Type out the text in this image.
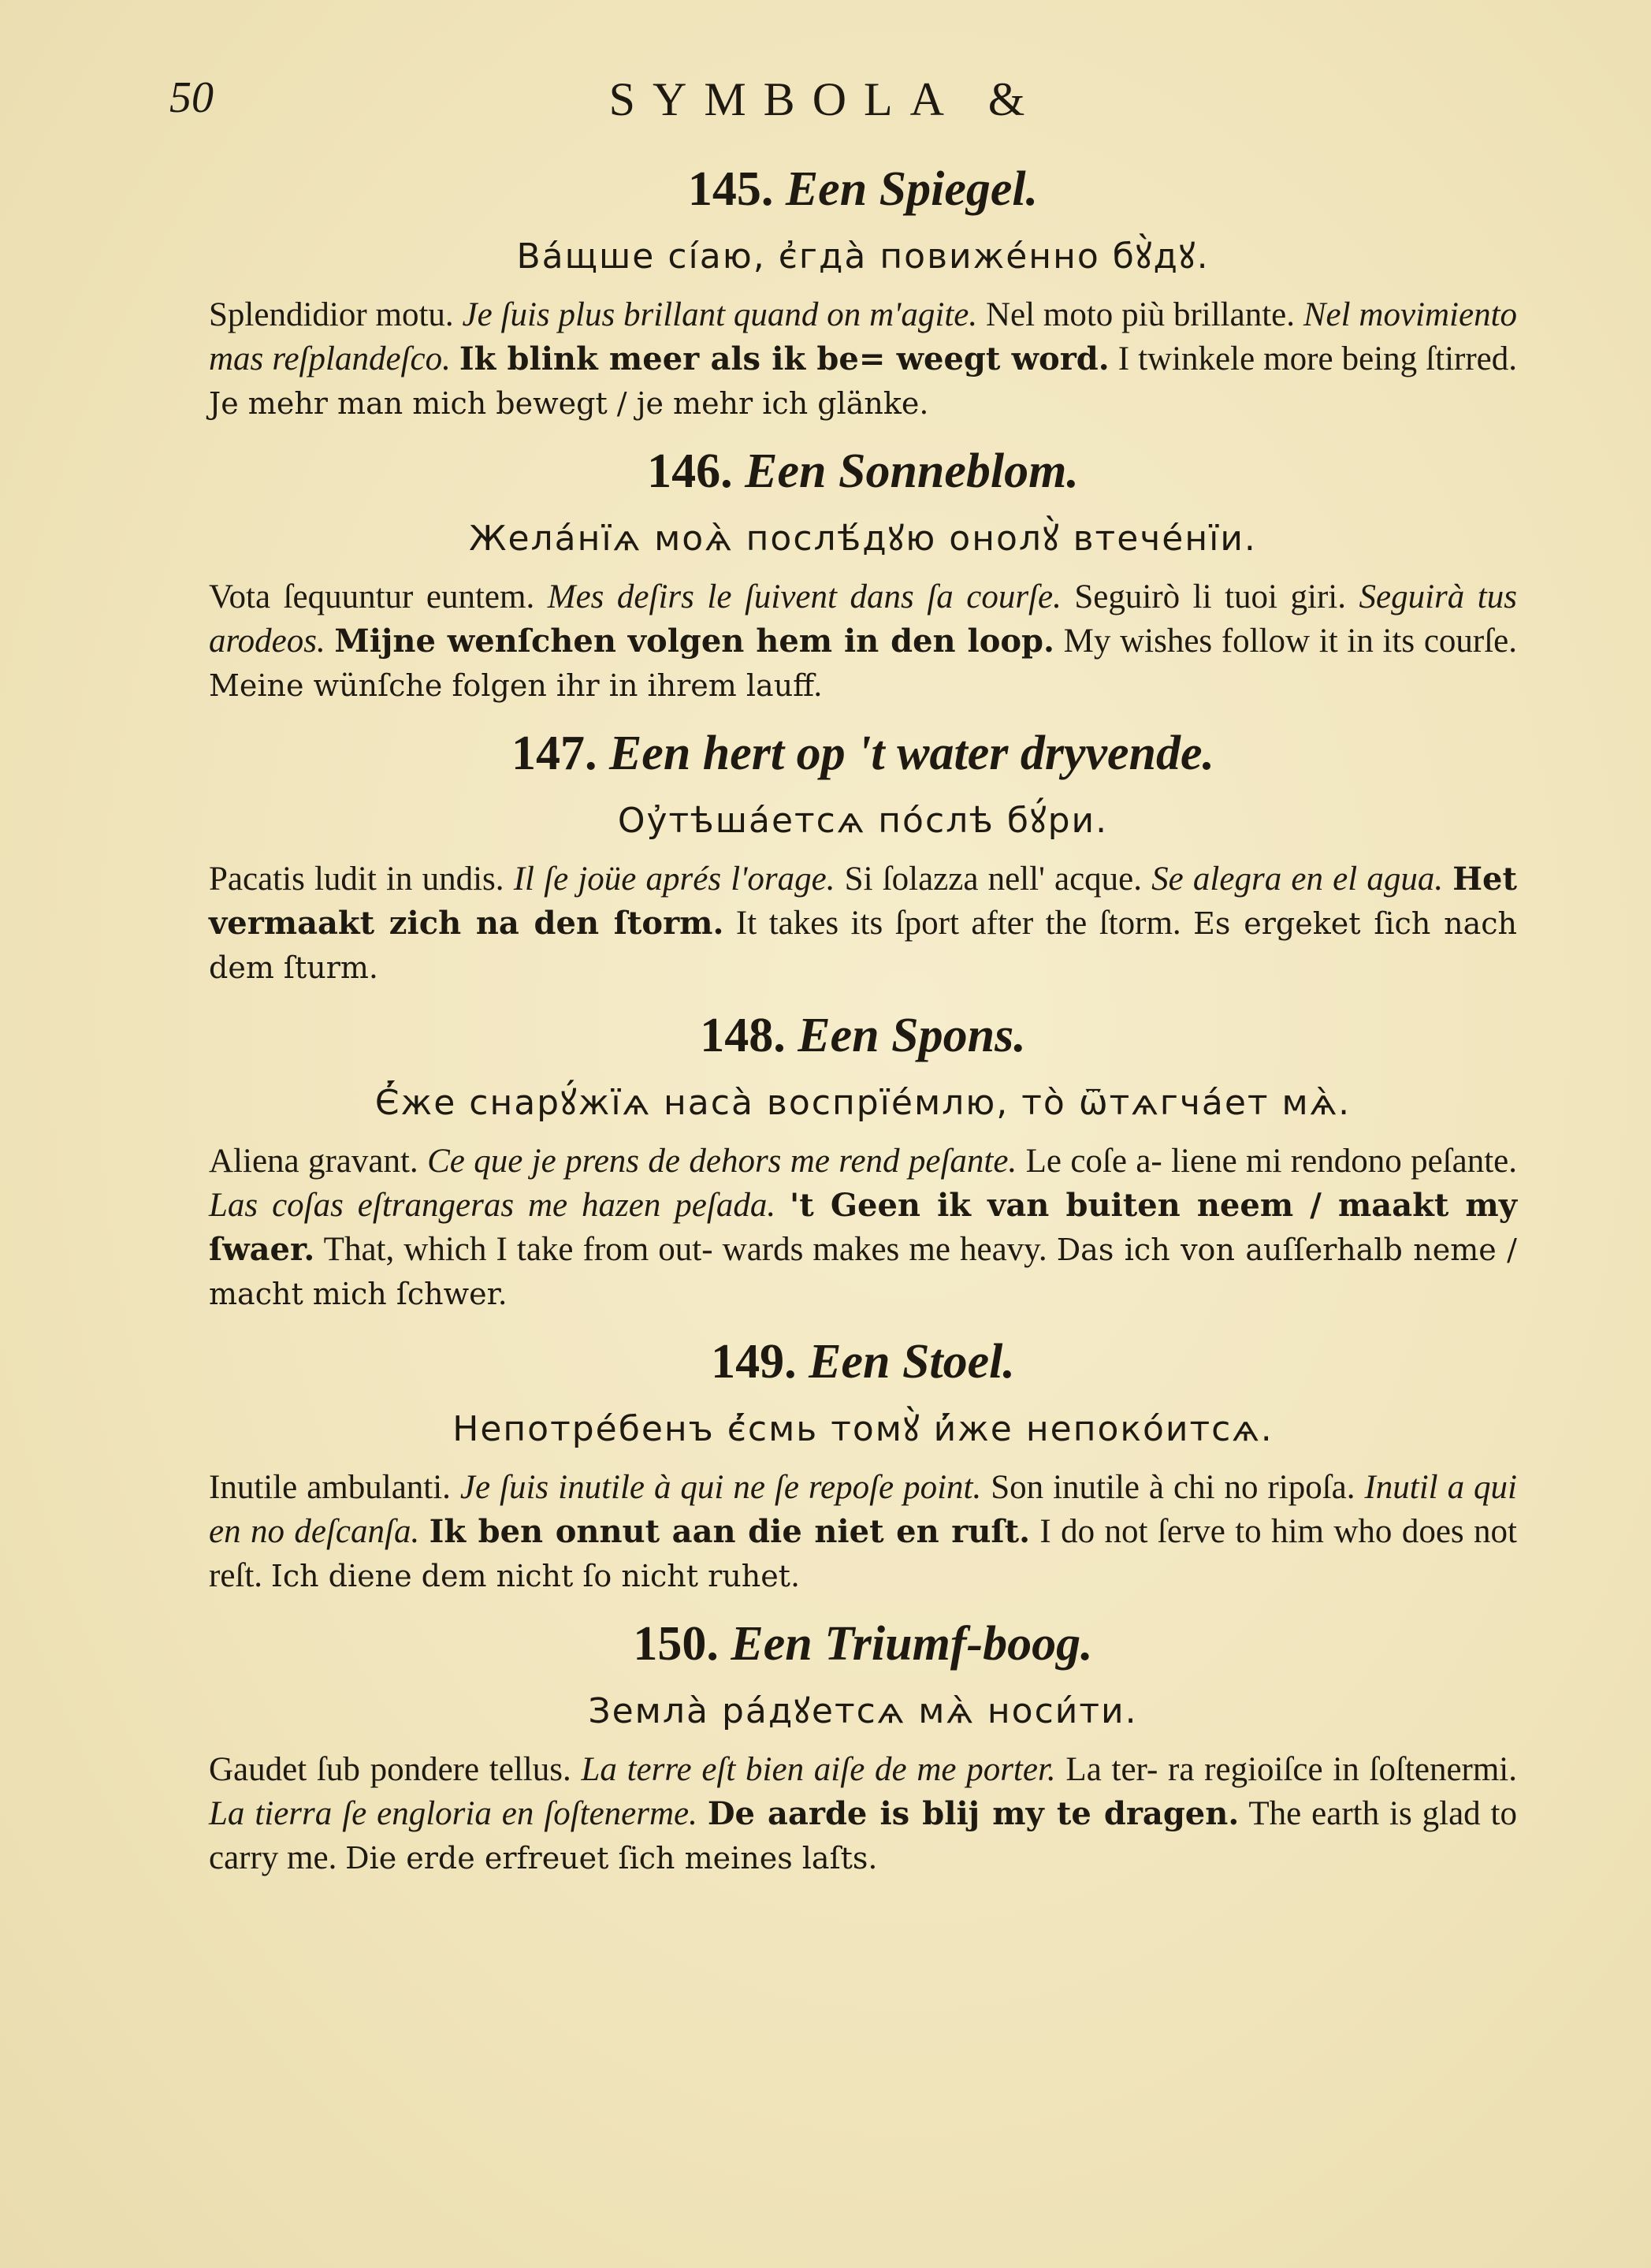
50	SYMBOLA &
145. Een Spiegel.

Ва́щше сі́аю, є҆гда̀ повиже́нно бꙋ̀дꙋ.

Splendidior motu. Je ſuis plus brillant quand on m'agite. Nel moto più brillante. Nel movimiento mas reſplandeſco. Ik blink meer als ik be= weegt word. I twinkele more being ſtirred. Je mehr man mich bewegt / je mehr ich glänke.

146. Een Sonneblom.

Жела́нїѧ моѧ̀ послѣ́дꙋю онолꙋ̀ втече́нїи.

Vota ſequuntur euntem. Mes deſirs le ſuivent dans ſa courſe. Seguirò li tuoi giri. Seguirà tus arodeos. Mijne wenſchen volgen hem in den loop. My wishes follow it in its courſe. Meine wünſche folgen ihr in ihrem lauff.

147. Een hert op 't water dryvende.

Оу҆тѣша́етсѧ по́слѣ бꙋ́ри.

Pacatis ludit in undis. Il ſe joüe aprés l'orage. Si ſolazza nell' acque. Se alegra en el agua. Het vermaakt zich na den ſtorm. It takes its ſport after the ſtorm. Es ergeket ſich nach dem ſturm.

148. Een Spons.

Є҆́же снарꙋ́жїѧ наса̀ воспрїе́млю, то̀ ѿтѧгча́ет мѧ̀.

Aliena gravant. Ce que je prens de dehors me rend peſante. Le coſe a- liene mi rendono peſante. Las coſas eſtrangeras me hazen peſada. 't Geen ik van buiten neem / maakt my ſwaer. That, which I take from out- wards makes me heavy. Das ich von auſſerhalb neme / macht mich ſchwer.

149. Een Stoel.

Непотре́бенъ є҆́смь томꙋ̀ и҆́же непоко́итсѧ.

Inutile ambulanti. Je ſuis inutile à qui ne ſe repoſe point. Son inutile à chi no ripoſa. Inutil a qui en no deſcanſa. Ik ben onnut aan die niet en ruſt. I do not ſerve to him who does not reſt. Ich diene dem nicht ſo nicht ruhet.

150. Een Triumf-boog.

Земла̀ ра́дꙋетсѧ мѧ̀ носи́ти.

Gaudet ſub pondere tellus. La terre eſt bien aiſe de me porter. La ter- ra regioiſce in ſoſtenermi. La tierra ſe engloria en ſoſtenerme. De aarde is blij my te dragen. The earth is glad to carry me. Die erde erfreuet ſich meines laſts.
